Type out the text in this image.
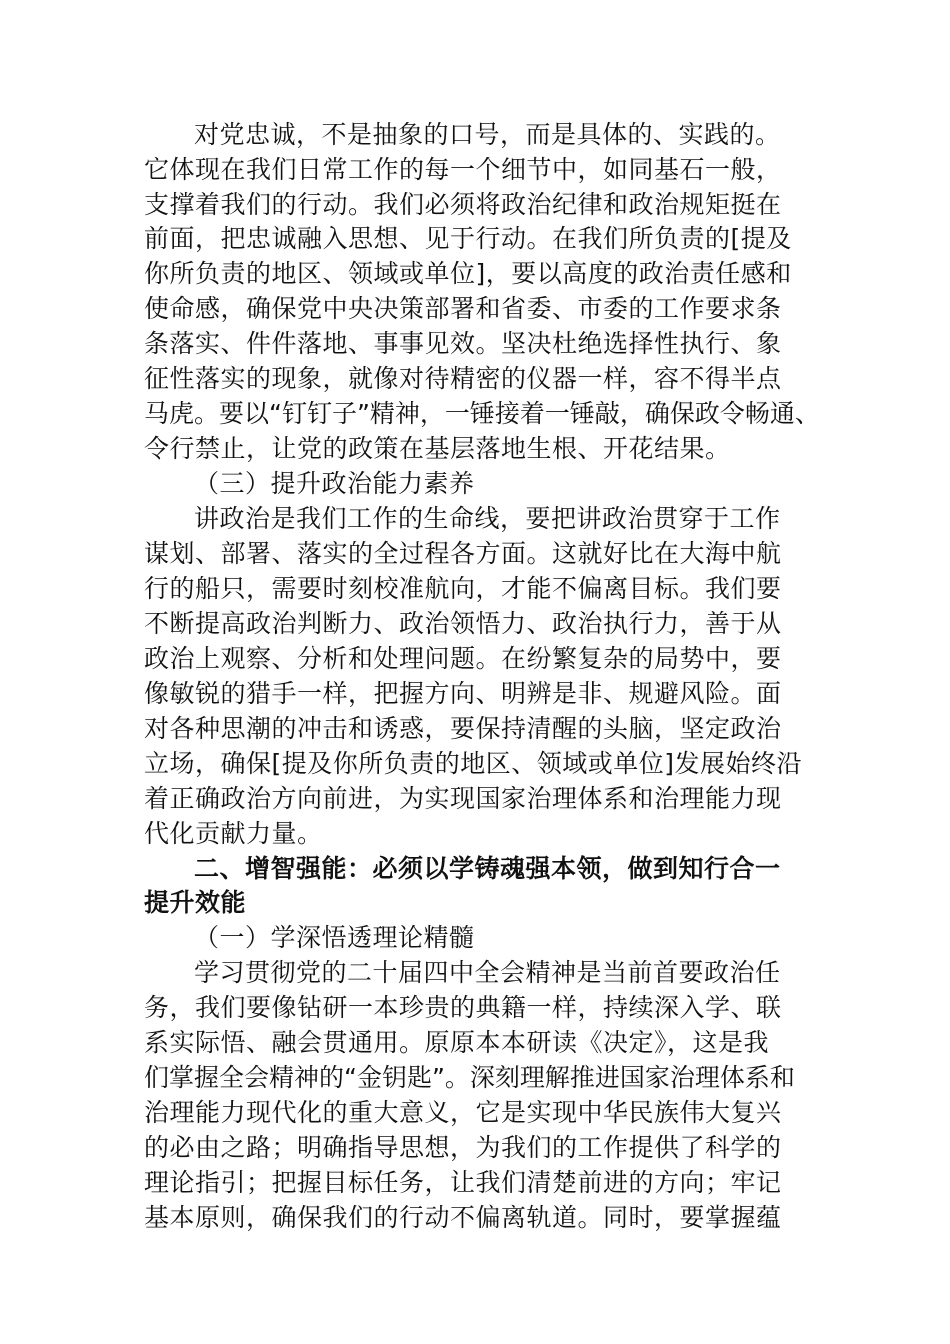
对党忠诚，不是抽象的口号，而是具体的、实践的。
它体现在我们日常工作的每一个细节中，如同基石一般，
支撑着我们的行动。我们必须将政治纪律和政治规矩挺在
前面，把忠诚融入思想、见于行动。在我们所负责的[提及
你所负责的地区、领域或单位]，要以高度的政治责任感和
使命感，确保党中央决策部署和省委、市委的工作要求条
条落实、件件落地、事事见效。坚决杜绝选择性执行、象
征性落实的现象，就像对待精密的仪器一样，容不得半点
马虎。要以“钉钉子”精神，一锤接着一锤敲，确保政令畅通、
令行禁止，让党的政策在基层落地生根、开花结果。
（三）提升政治能力素养
讲政治是我们工作的生命线，要把讲政治贯穿于工作
谋划、部署、落实的全过程各方面。这就好比在大海中航
行的船只，需要时刻校准航向，才能不偏离目标。我们要
不断提高政治判断力、政治领悟力、政治执行力，善于从
政治上观察、分析和处理问题。在纷繁复杂的局势中，要
像敏锐的猎手一样，把握方向、明辨是非、规避风险。面
对各种思潮的冲击和诱惑，要保持清醒的头脑，坚定政治
立场，确保[提及你所负责的地区、领域或单位]发展始终沿
着正确政治方向前进，为实现国家治理体系和治理能力现
代化贡献力量。
二、增智强能：必须以学铸魂强本领，做到知行合一
提升效能
（一）学深悟透理论精髓
学习贯彻党的二十届四中全会精神是当前首要政治任
务，我们要像钻研一本珍贵的典籍一样，持续深入学、联
系实际悟、融会贯通用。原原本本研读《决定》，这是我
们掌握全会精神的“金钥匙”。深刻理解推进国家治理体系和
治理能力现代化的重大意义，它是实现中华民族伟大复兴
的必由之路；明确指导思想，为我们的工作提供了科学的
理论指引；把握目标任务，让我们清楚前进的方向；牢记
基本原则，确保我们的行动不偏离轨道。同时，要掌握蕴
